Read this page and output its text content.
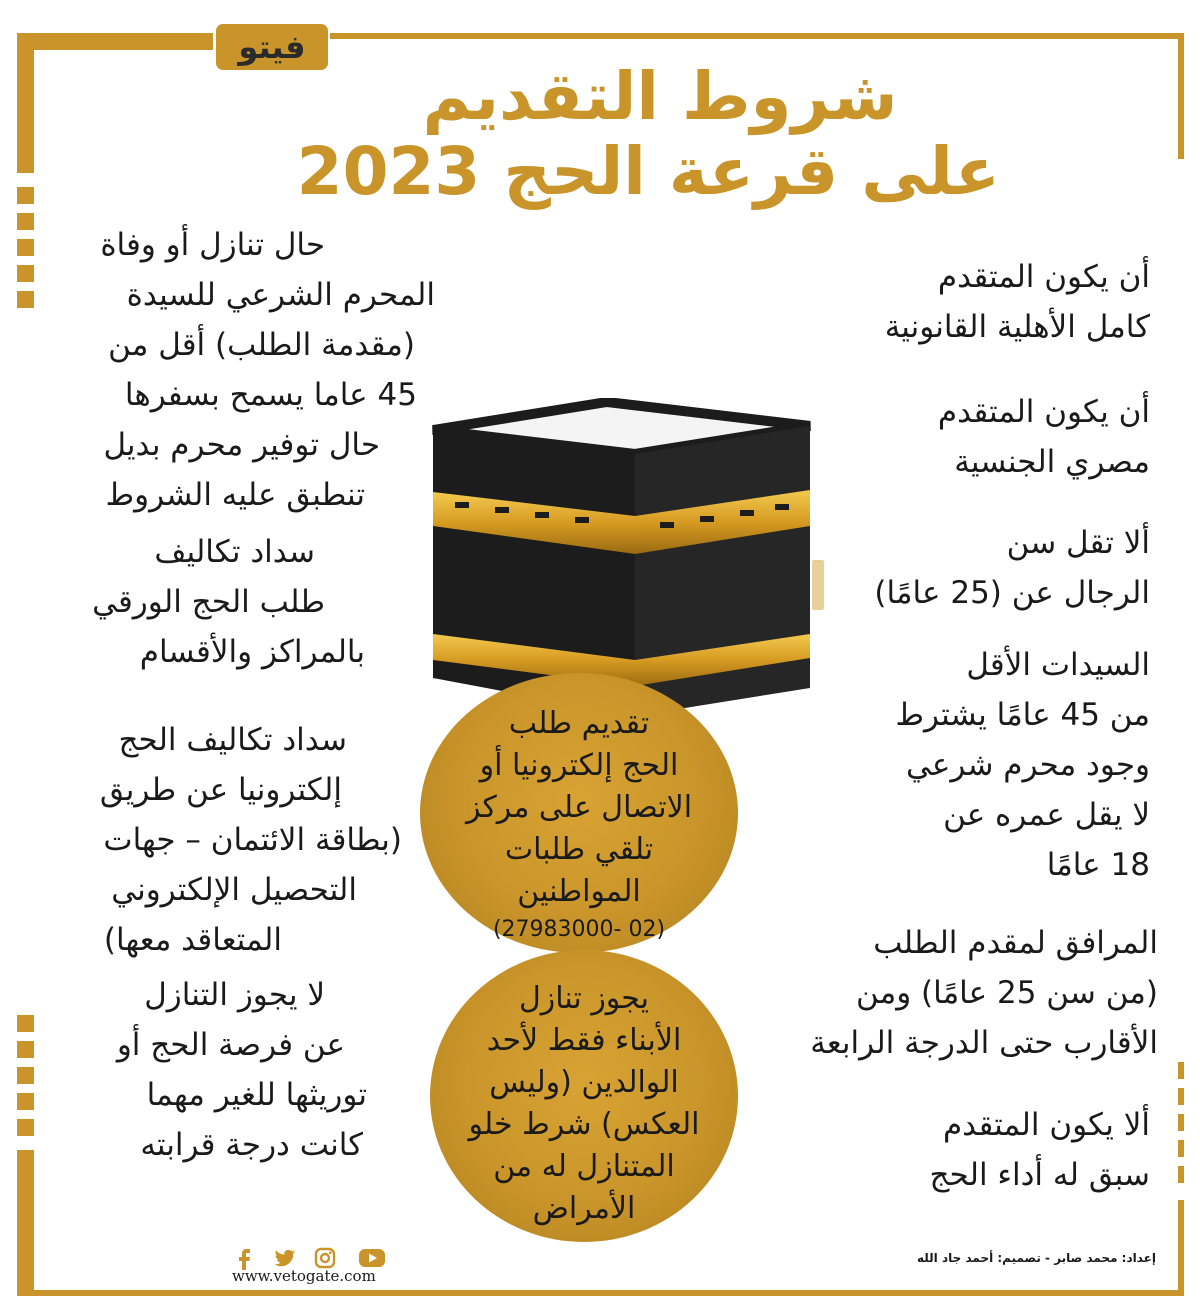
فيتو
شروط التقديم
على قرعة الحج 2023
أن يكون المتقدم
كامل الأهلية القانونية
أن يكون المتقدم
مصري الجنسية
ألا تقل سن
الرجال عن (25 عامًا)
السيدات الأقل
من 45 عامًا يشترط
وجود محرم شرعي
لا يقل عمره عن
18 عامًا
المرافق لمقدم الطلب
(من سن 25 عامًا) ومن
الأقارب حتى الدرجة الرابعة
ألا يكون المتقدم
سبق له أداء الحج
حال تنازل أو وفاة
المحرم الشرعي للسيدة
(مقدمة الطلب) أقل من
45 عاما يسمح بسفرها
حال توفير محرم بديل
تنطبق عليه الشروط
سداد تكاليف
طلب الحج الورقي
بالمراكز والأقسام
سداد تكاليف الحج
إلكترونيا عن طريق
(بطاقة الائتمان – جهات
التحصيل الإلكتروني
المتعاقد معها)
لا يجوز التنازل
عن فرصة الحج أو
توريثها للغير مهما
كانت درجة قرابته
تقديم طلب
الحج إلكترونيا أو
الاتصال على مركز
تلقي طلبات
المواطنين
(02 -27983000)
يجوز تنازل
الأبناء فقط لأحد
الوالدين (وليس
العكس) شرط خلو
المتنازل له من
الأمراض
www.vetogate.com
إعداد: محمد صابر - تصميم: أحمد جاد الله
